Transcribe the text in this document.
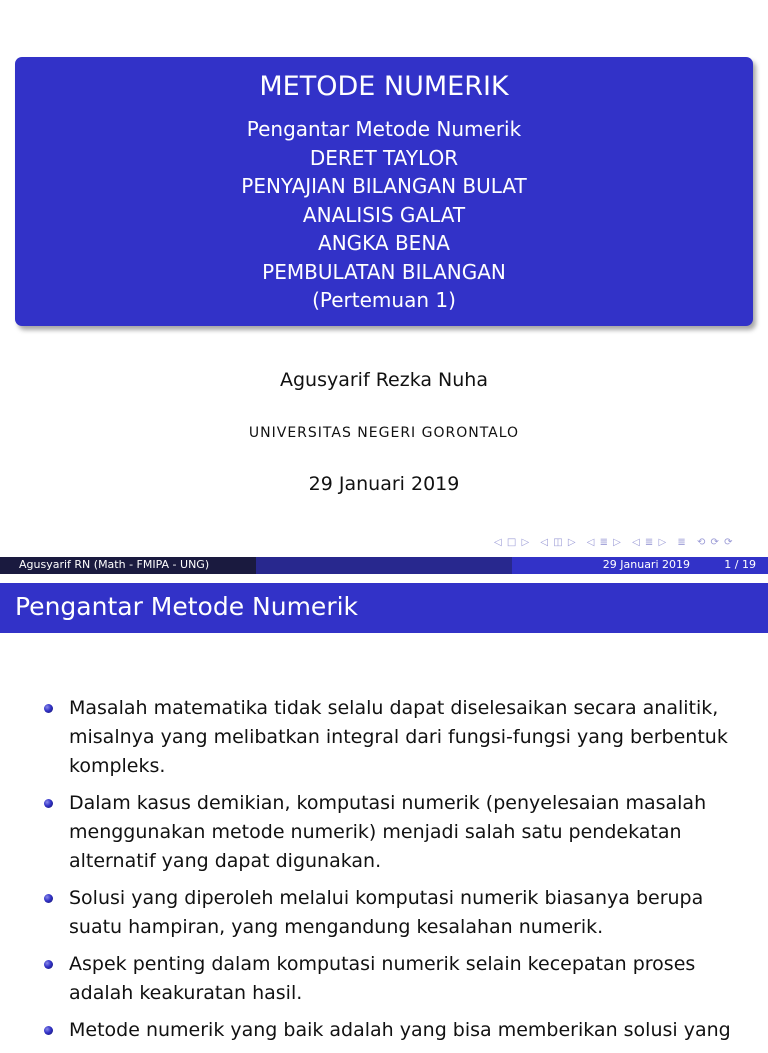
METODE NUMERIK
Pengantar Metode Numerik
DERET TAYLOR
PENYAJIAN BILANGAN BULAT
ANALISIS GALAT
ANGKA BENA
PEMBULATAN BILANGAN
(Pertemuan 1)
Agusyarif Rezka Nuha
UNIVERSITAS NEGERI GORONTALO
29 Januari 2019
◁ □ ▷ ◁ ◫ ▷ ◁ ≣ ▷ ◁ ≣ ▷ ≣ ⟲ ⟳ ⟳
Agusyarif RN (Math - FMIPA - UNG)	29 Januari 2019	1 / 19
Pengantar Metode Numerik
Masalah matematika tidak selalu dapat diselesaikan secara analitik,
misalnya yang melibatkan integral dari fungsi-fungsi yang berbentuk
kompleks.
Dalam kasus demikian, komputasi numerik (penyelesaian masalah
menggunakan metode numerik) menjadi salah satu pendekatan
alternatif yang dapat digunakan.
Solusi yang diperoleh melalui komputasi numerik biasanya berupa
suatu hampiran, yang mengandung kesalahan numerik.
Aspek penting dalam komputasi numerik selain kecepatan proses
adalah keakuratan hasil.
Metode numerik yang baik adalah yang bisa memberikan solusi yang
